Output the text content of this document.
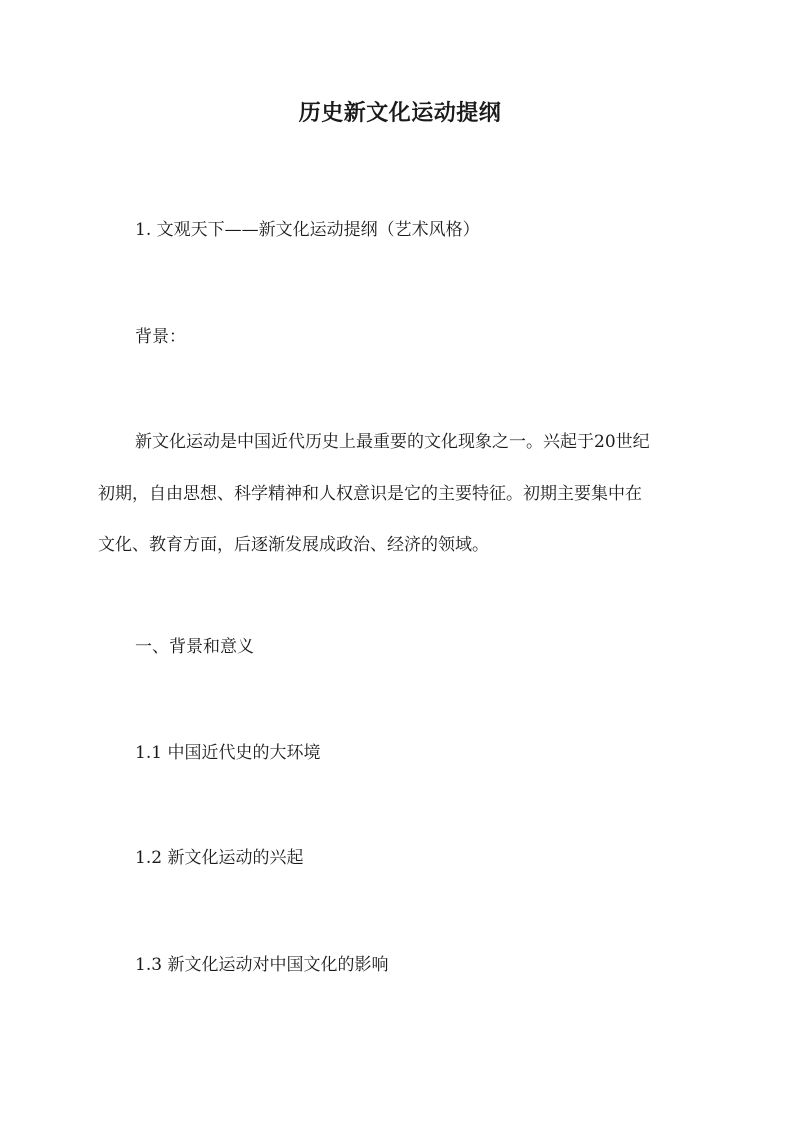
历史新文化运动提纲
1. 文观天下——新文化运动提纲（艺术风格）
背景：
新文化运动是中国近代历史上最重要的文化现象之一。兴起于20世纪
初期，自由思想、科学精神和人权意识是它的主要特征。初期主要集中在
文化、教育方面，后逐渐发展成政治、经济的领域。
一、背景和意义
1.1 中国近代史的大环境
1.2 新文化运动的兴起
1.3 新文化运动对中国文化的影响
